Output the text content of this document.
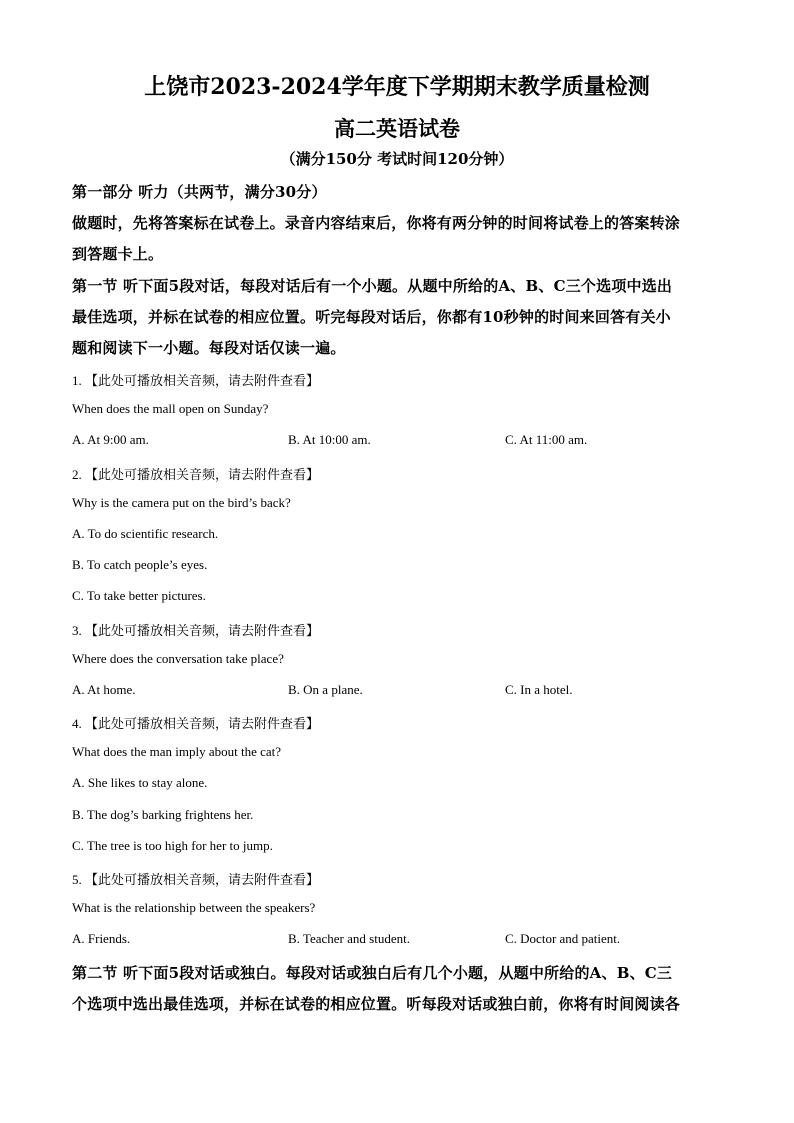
上饶市2023-2024学年度下学期期末教学质量检测
高二英语试卷
（满分150分 考试时间120分钟）
第一部分 听力（共两节，满分30分）
做题时，先将答案标在试卷上。录音内容结束后，你将有两分钟的时间将试卷上的答案转涂
到答题卡上。
第一节 听下面5段对话，每段对话后有一个小题。从题中所给的A、B、C三个选项中选出
最佳选项，并标在试卷的相应位置。听完每段对话后，你都有10秒钟的时间来回答有关小
题和阅读下一小题。每段对话仅读一遍。
1. 【此处可播放相关音频，请去附件查看】
When does the mall open on Sunday?
A. At 9:00 am.	B. At 10:00 am.	C. At 11:00 am.
2. 【此处可播放相关音频，请去附件查看】
Why is the camera put on the bird’s back?
A. To do scientific research.
B. To catch people’s eyes.
C. To take better pictures.
3. 【此处可播放相关音频，请去附件查看】
Where does the conversation take place?
A. At home.	B. On a plane.	C. In a hotel.
4. 【此处可播放相关音频，请去附件查看】
What does the man imply about the cat?
A. She likes to stay alone.
B. The dog’s barking frightens her.
C. The tree is too high for her to jump.
5. 【此处可播放相关音频，请去附件查看】
What is the relationship between the speakers?
A. Friends.	B. Teacher and student.	C. Doctor and patient.
第二节 听下面5段对话或独白。每段对话或独白后有几个小题，从题中所给的A、B、C三
个选项中选出最佳选项，并标在试卷的相应位置。听每段对话或独白前，你将有时间阅读各
